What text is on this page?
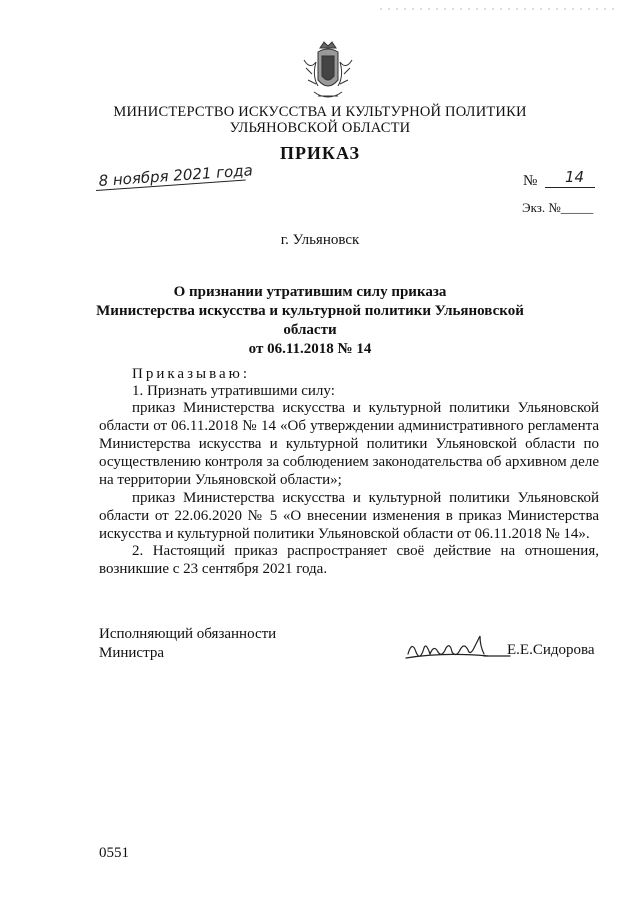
МИНИСТЕРСТВО ИСКУССТВА И КУЛЬТУРНОЙ ПОЛИТИКИ
УЛЬЯНОВСКОЙ ОБЛАСТИ
ПРИКАЗ
8 ноября 2021 года	№ 14
Экз. №_____
г. Ульяновск
О признании утратившим силу приказа
Министерства искусства и культурной политики Ульяновской области
от 06.11.2018 № 14
Приказываю:
1. Признать утратившими силу:
приказ Министерства искусства и культурной политики Ульяновской области от 06.11.2018 № 14 «Об утверждении административного регламента Министерства искусства и культурной политики Ульяновской области по осуществлению контроля за соблюдением законодательства об архивном деле на территории Ульяновской области»;
приказ Министерства искусства и культурной политики Ульяновской области от 22.06.2020 № 5 «О внесении изменения в приказ Министерства искусства и культурной политики Ульяновской области от 06.11.2018 № 14».
2. Настоящий приказ распространяет своё действие на отношения, возникшие с 23 сентября 2021 года.
Исполняющий обязанности
Министра	Е.Е.Сидорова
0551
